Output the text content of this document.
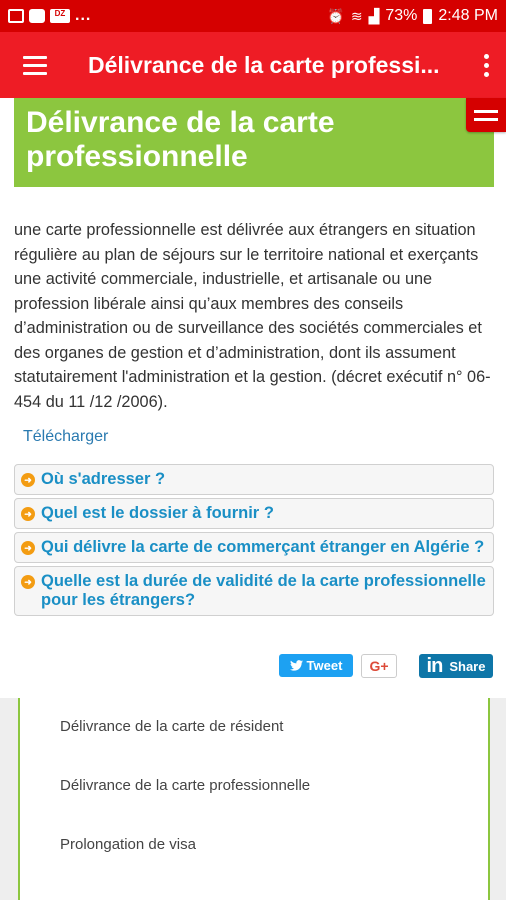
DZ ...	⏰ ≋ ▟ 73% 2:48 PM
Délivrance de la carte professi...
Délivrance de la carte professionnelle

une carte professionnelle est délivrée aux étrangers en situation régulière au plan de séjours sur le territoire national et exerçants une activité commerciale, industrielle, et artisanale ou une profession libérale ainsi qu’aux membres des conseils d’administration ou de surveillance des sociétés commerciales et des organes de gestion et d’administration, dont ils assument statutairement l'administration et la gestion. (décret exécutif n° 06-454 du 11 /12 /2006).

Télécharger
➜ Où s'adresser ?
➜ Quel est le dossier à fournir ?
➜ Qui délivre la carte de commerçant étranger en Algérie ?
➜ Quelle est la durée de validité de la carte professionnelle pour les étrangers?
Tweet G+ in Share
Délivrance de la carte de résident
Délivrance de la carte professionnelle
Prolongation de visa
